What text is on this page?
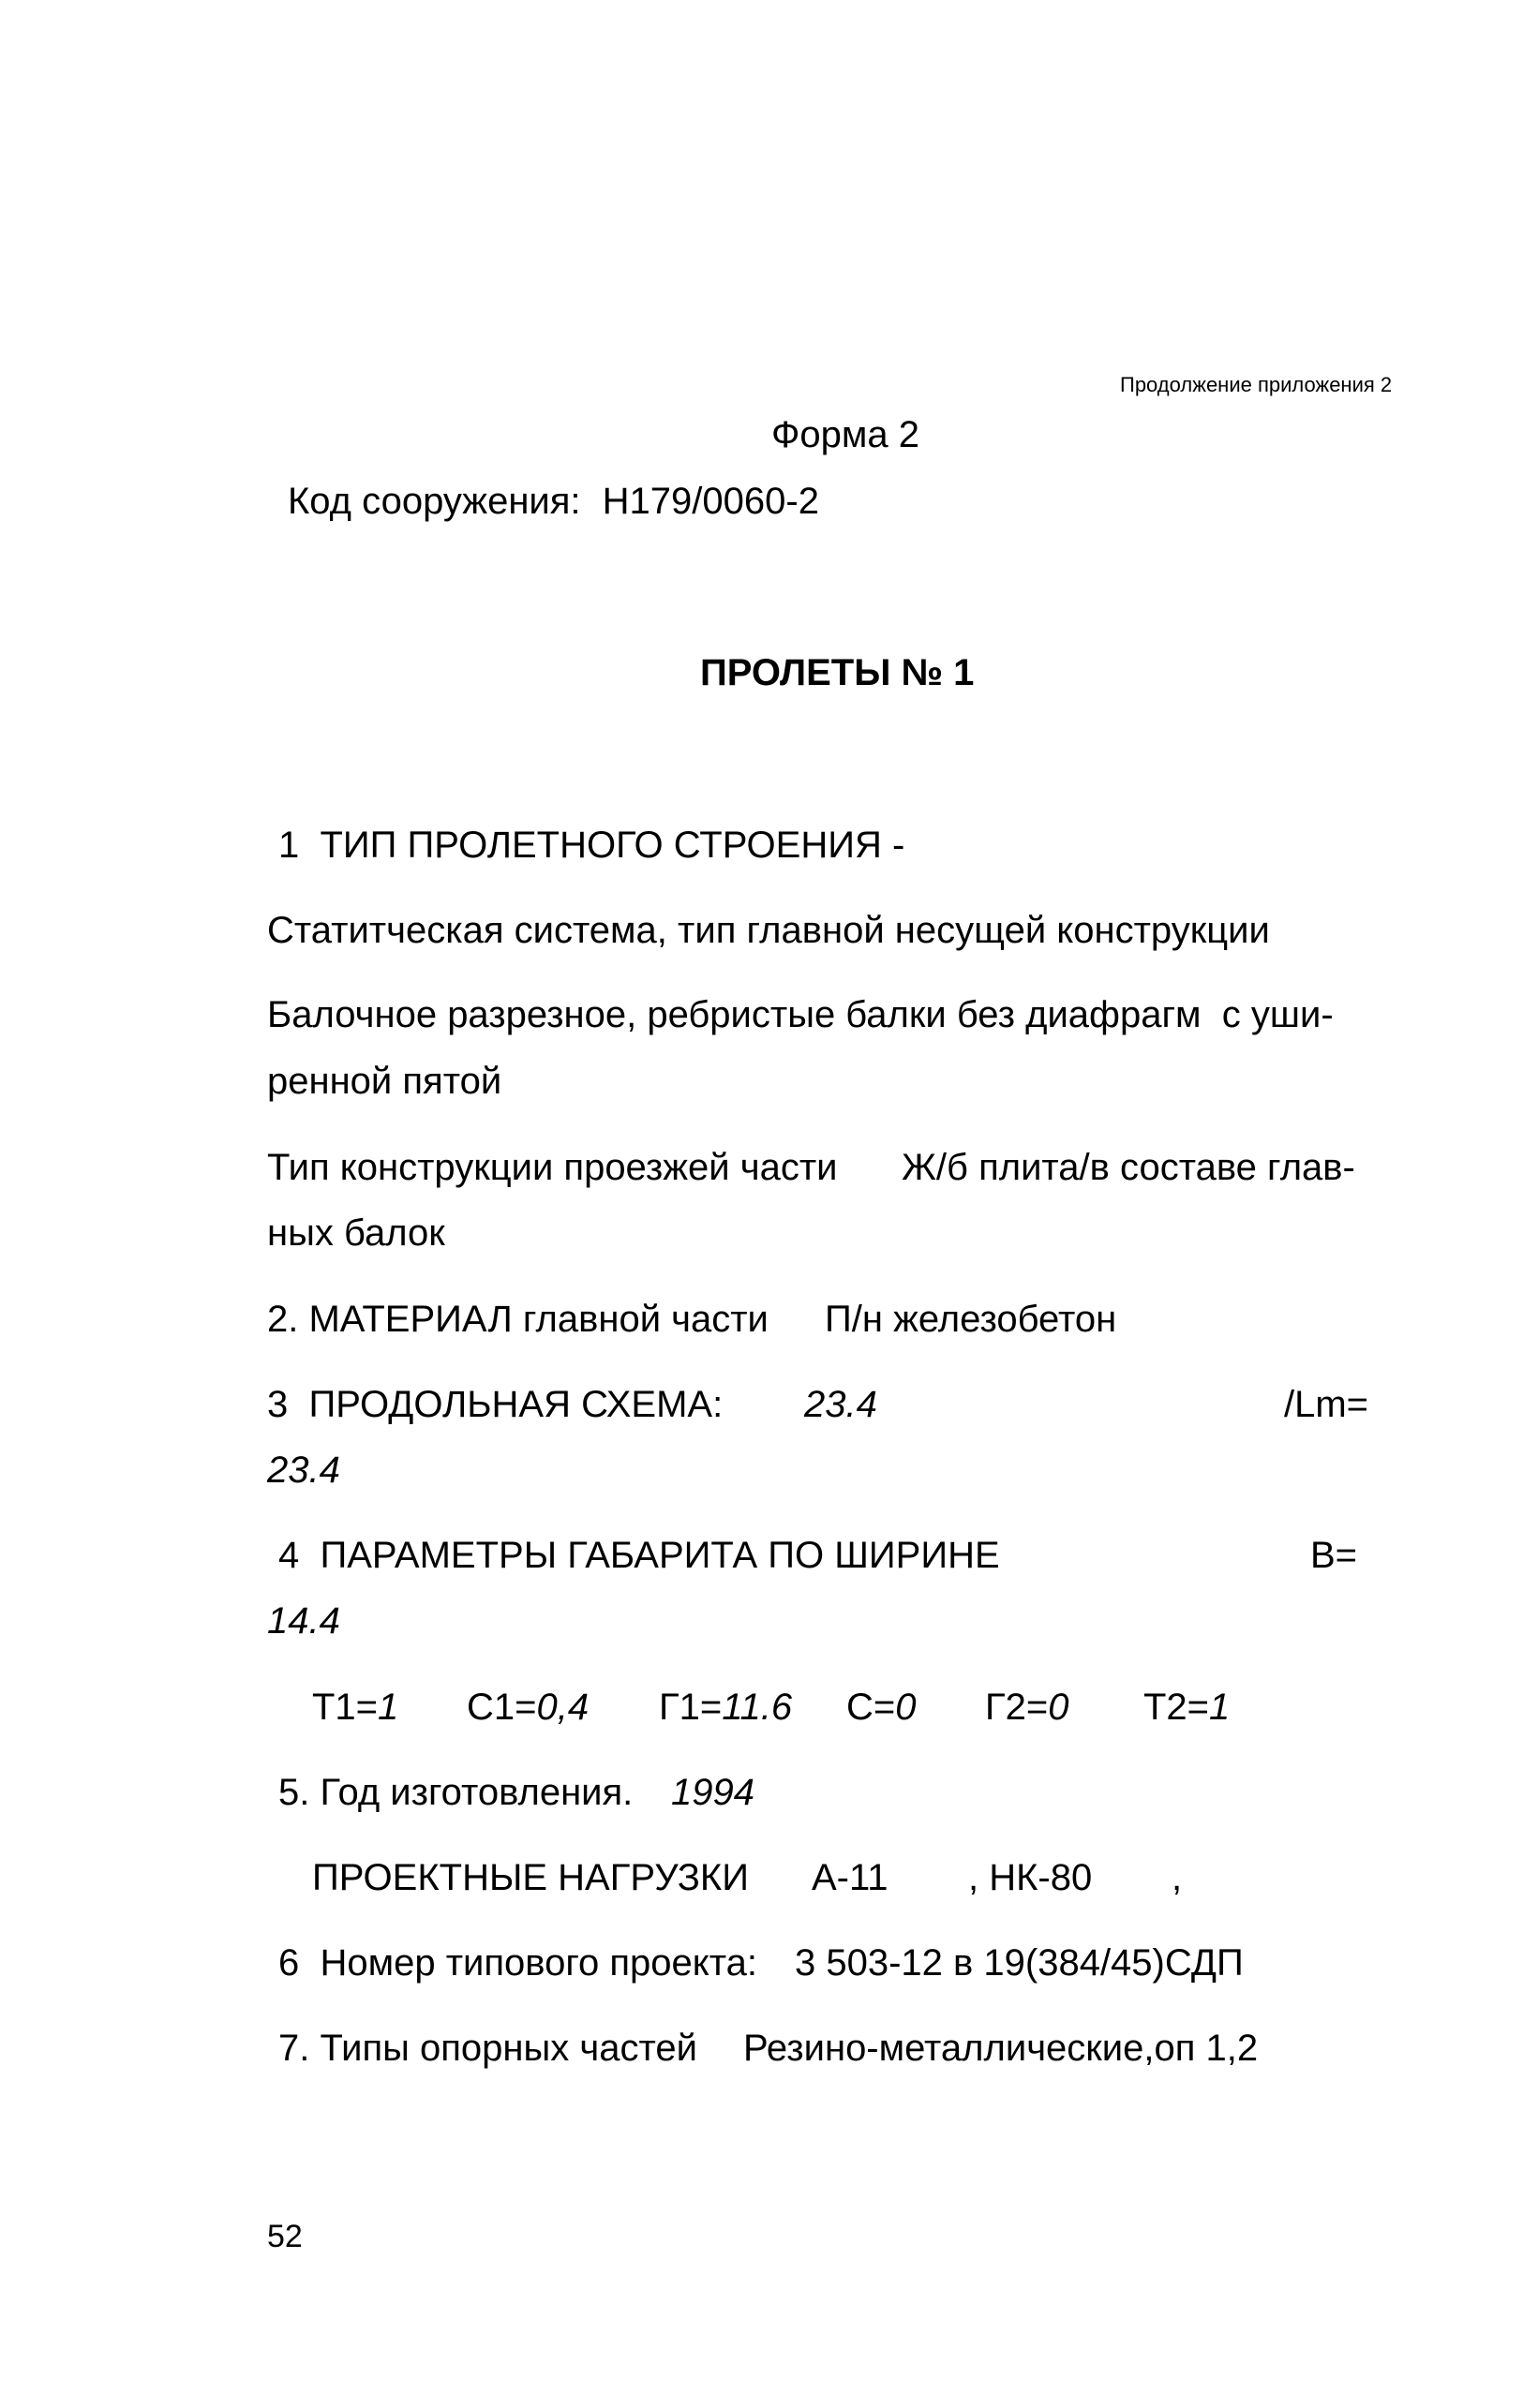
Продолжение приложения 2
Форма 2
Код сооружения: Н179/0060-2
ПРОЛЕТЫ № 1
1  ТИП ПРОЛЕТНОГО СТРОЕНИЯ -
Статитческая система, тип главной несущей конструкции
Балочное разрезное, ребристые балки без диафрагм  с уши-
ренной пятой
Тип конструкции проезжей части Ж/б плита/в составе глав-
ных балок
2. МАТЕРИАЛ главной части П/н железобетон
3  ПРОДОЛЬНАЯ СХЕМА: 23.4	/Lm=
23.4
4  ПАРАМЕТРЫ ГАБАРИТА ПО ШИРИНЕ	В=
14.4
Т1=1 С1=0,4 Г1=11.6 С=0 Г2=0 Т2=1
5. Год изготовления. 1994
ПРОЕКТНЫЕ НАГРУЗКИ А-11 , НК-80 ,
6  Номер типового проекта: 3 503-12 в 19(384/45)СДП
7. Типы опорных частей Резино-металлические,оп 1,2
52
